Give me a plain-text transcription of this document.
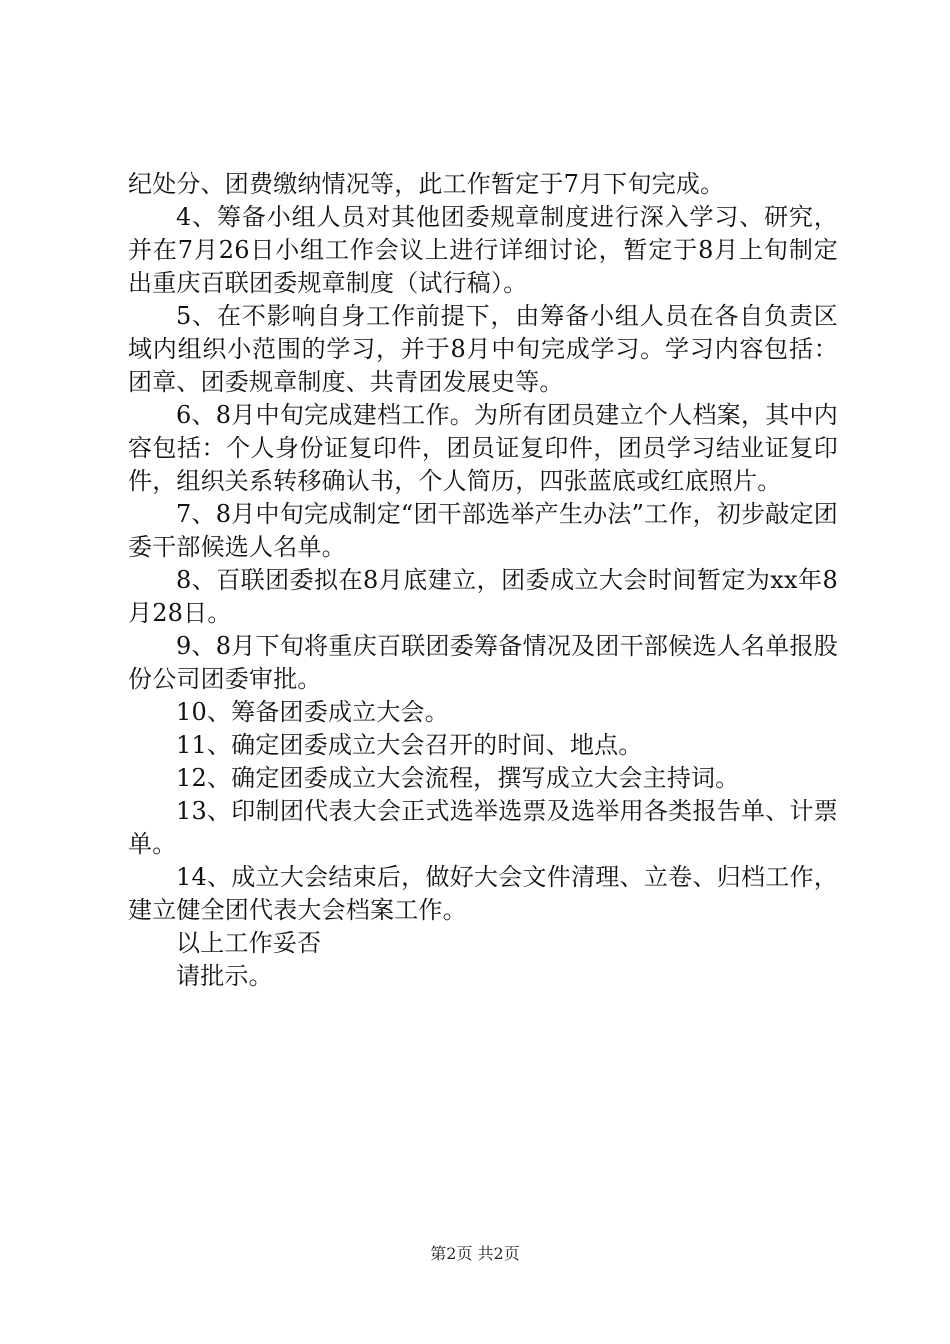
纪处分、团费缴纳情况等，此工作暂定于7月下旬完成。

4、筹备小组人员对其他团委规章制度进行深入学习、研究，并在7月26日小组工作会议上进行详细讨论，暂定于8月上旬制定出重庆百联团委规章制度（试行稿）。

5、在不影响自身工作前提下，由筹备小组人员在各自负责区域内组织小范围的学习，并于8月中旬完成学习。学习内容包括：团章、团委规章制度、共青团发展史等。

6、8月中旬完成建档工作。为所有团员建立个人档案，其中内容包括：个人身份证复印件，团员证复印件，团员学习结业证复印件，组织关系转移确认书，个人简历，四张蓝底或红底照片。

7、8月中旬完成制定“团干部选举产生办法”工作，初步敲定团委干部候选人名单。

8、百联团委拟在8月底建立，团委成立大会时间暂定为xx年8月28日。

9、8月下旬将重庆百联团委筹备情况及团干部候选人名单报股份公司团委审批。

10、筹备团委成立大会。

11、确定团委成立大会召开的时间、地点。

12、确定团委成立大会流程，撰写成立大会主持词。

13、印制团代表大会正式选举选票及选举用各类报告单、计票单。

14、成立大会结束后，做好大会文件清理、立卷、归档工作，建立健全团代表大会档案工作。

以上工作妥否

请批示。

第2页 共2页
